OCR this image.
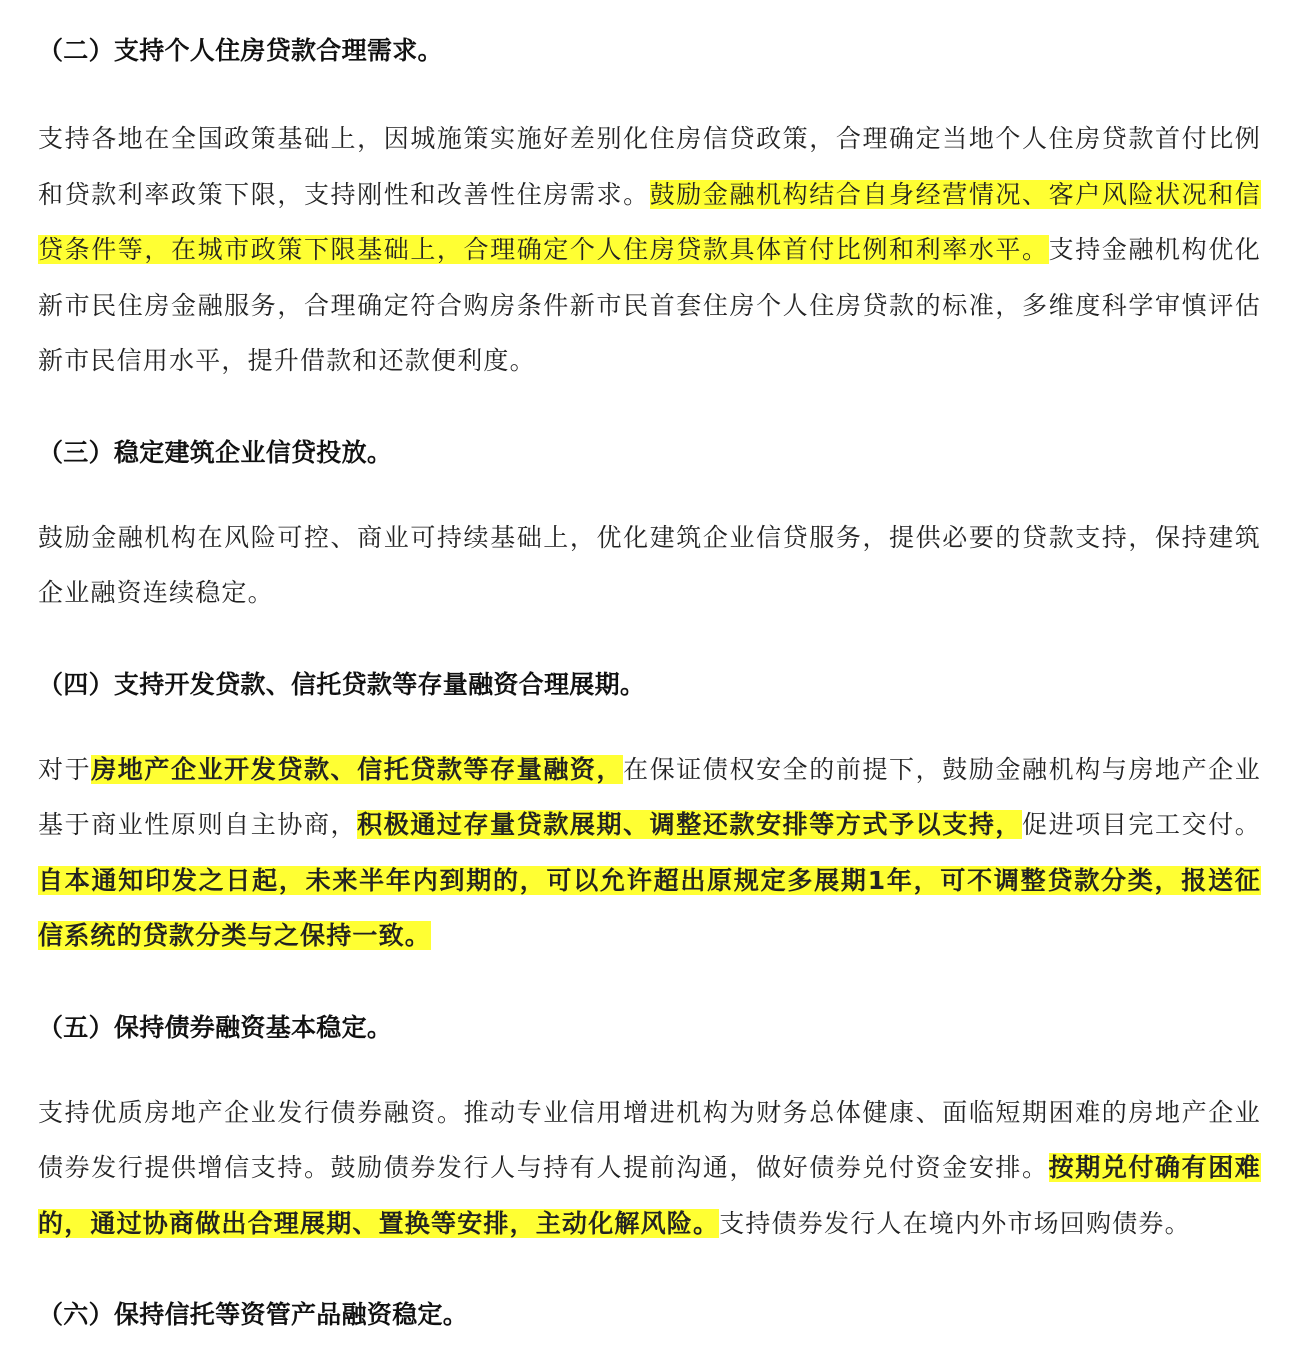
（二）支持个人住房贷款合理需求。

支持各地在全国政策基础上，因城施策实施好差别化住房信贷政策，合理确定当地个人住房贷款首付比例和贷款利率政策下限，支持刚性和改善性住房需求。鼓励金融机构结合自身经营情况、客户风险状况和信贷条件等，在城市政策下限基础上，合理确定个人住房贷款具体首付比例和利率水平。支持金融机构优化新市民住房金融服务，合理确定符合购房条件新市民首套住房个人住房贷款的标准，多维度科学审慎评估新市民信用水平，提升借款和还款便利度。

（三）稳定建筑企业信贷投放。

鼓励金融机构在风险可控、商业可持续基础上，优化建筑企业信贷服务，提供必要的贷款支持，保持建筑企业融资连续稳定。

（四）支持开发贷款、信托贷款等存量融资合理展期。

对于房地产企业开发贷款、信托贷款等存量融资，在保证债权安全的前提下，鼓励金融机构与房地产企业基于商业性原则自主协商，积极通过存量贷款展期、调整还款安排等方式予以支持，促进项目完工交付。自本通知印发之日起，未来半年内到期的，可以允许超出原规定多展期1年，可不调整贷款分类，报送征信系统的贷款分类与之保持一致。

（五）保持债券融资基本稳定。

支持优质房地产企业发行债券融资。推动专业信用增进机构为财务总体健康、面临短期困难的房地产企业债券发行提供增信支持。鼓励债券发行人与持有人提前沟通，做好债券兑付资金安排。按期兑付确有困难的，通过协商做出合理展期、置换等安排，主动化解风险。支持债券发行人在境内外市场回购债券。

（六）保持信托等资管产品融资稳定。
